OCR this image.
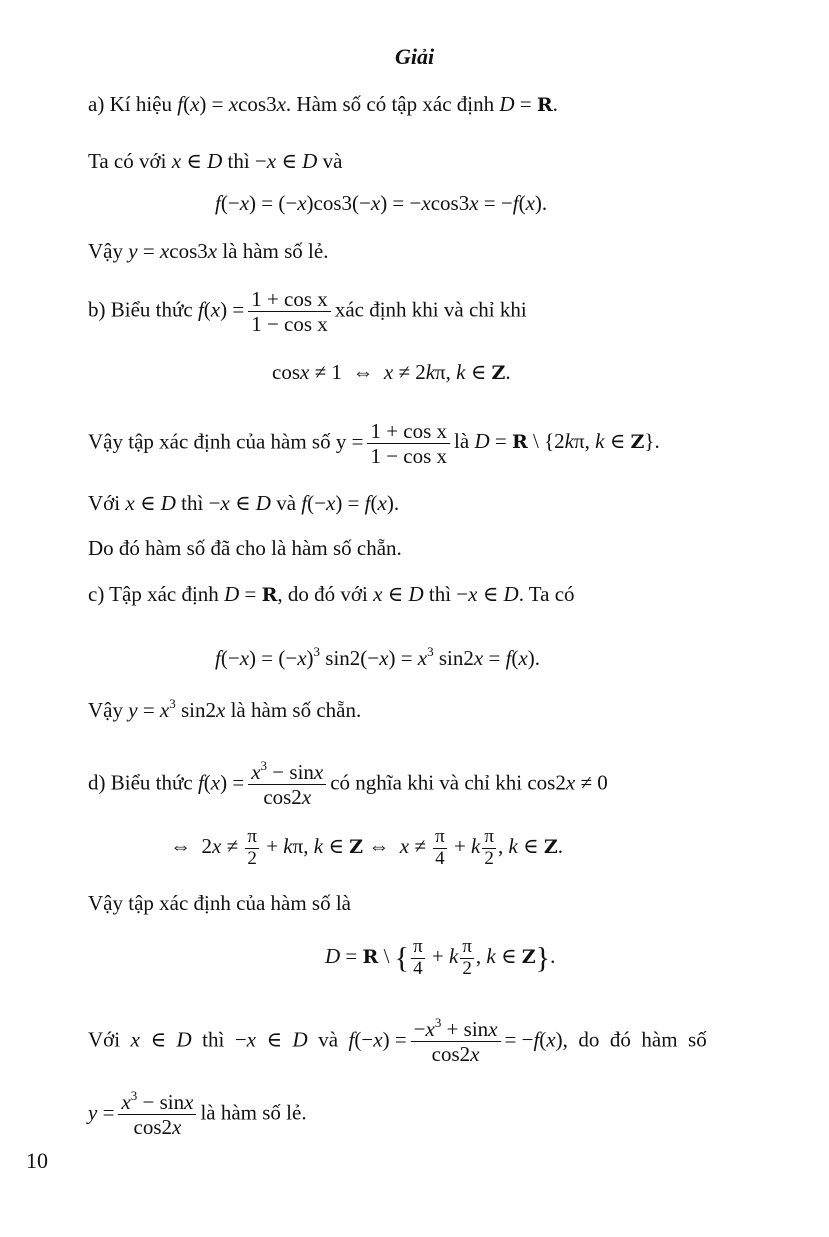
Giải
a) Kí hiệu f(x) = xcos3x. Hàm số có tập xác định D = R.
Ta có với x ∈ D thì −x ∈ D và
f(−x) = (−x)cos3(−x) = −xcos3x = −f(x).
Vậy y = xcos3x là hàm số lẻ.
b) Biểu thức $f(x) = \frac{\text{1 + cos x}}{\text{1 − cos x}}$ xác định khi và chỉ khi
cosx ≠ 1  ⇔  x ≠ 2kπ, k ∈ Z.
Vậy tập xác định của hàm số $y = \frac{\text{1 + cos x}}{\text{1 − cos x}}$ là D = R \ {2kπ, k ∈ Z}.
Với x ∈ D thì −x ∈ D và f(−x) = f(x).
Do đó hàm số đã cho là hàm số chẵn.
c) Tập xác định D = R, do đó với x ∈ D thì −x ∈ D. Ta có
$f(-x) = (-x)^3$ $\sin 2(-x) = x^3$ sin2x = f(x).
Vậy $y = x^3$ sin2x là hàm số chẵn.
d) Biểu thức $f(x) = \frac{x^3 - \sin x}{\cos 2x}$ có nghĩa khi và chỉ khi cos2x ≠ 0
⇔  $2x \ne \frac{\pi}{2} + k\pi$, k ∈ Z ⇔  $x \ne \frac{\pi}{4} + k \frac{\pi}{2}$ , k ∈ Z.
Vậy tập xác định của hàm số là
D = R \ { $\frac{\pi}{4} + k \frac{\pi}{2}$ , k ∈ Z}.
Với  x  ∈  D  thì  −x  ∈  D  và  $f(-x) = \frac{-x^3 + \sin x}{\cos 2x} = -f(x)$,  do  đó  hàm  số
$y = \frac{x^3 - \sin x}{\cos 2x}$ là hàm số lẻ.
10
